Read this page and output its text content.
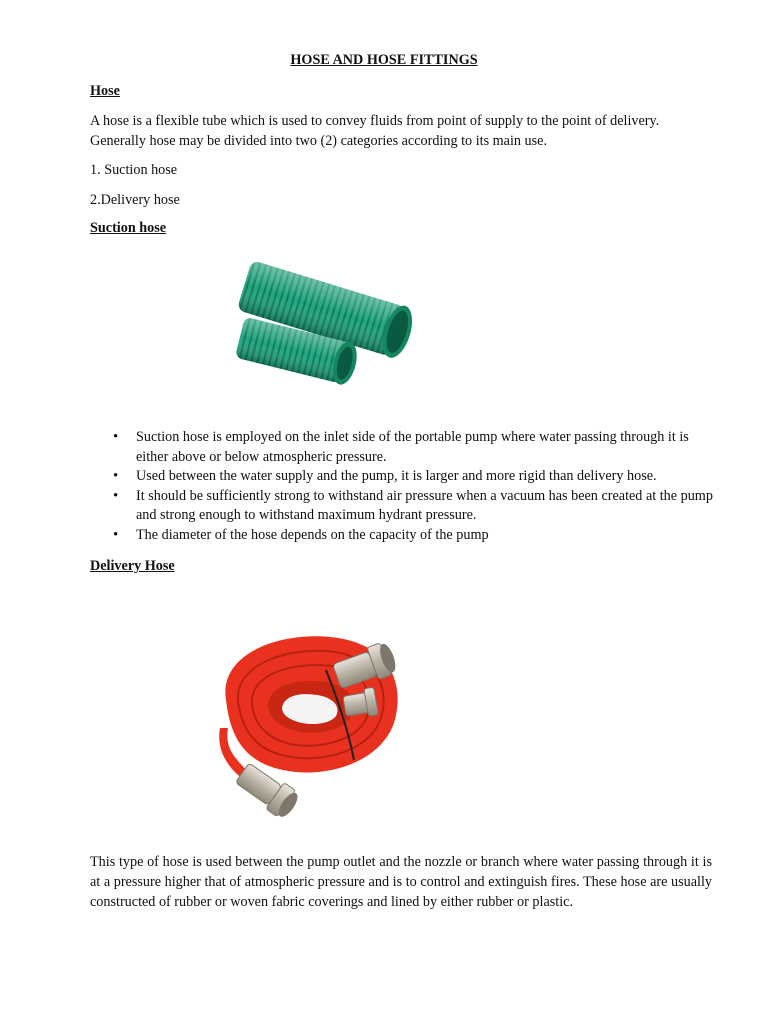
HOSE AND HOSE FITTINGS
Hose

A hose is a flexible tube which is used to convey fluids from point of supply to the point of delivery.
Generally hose may be divided into two (2) categories according to its main use.

1. Suction hose

2.Delivery hose

Suction hose
• Suction hose is employed on the inlet side of the portable pump where water passing through it is either above or below atmospheric pressure.
• Used between the water supply and the pump, it is larger and more rigid than delivery hose.
• It should be sufficiently strong to withstand air pressure when a vacuum has been created at the pump and strong enough to withstand maximum hydrant pressure.
• The diameter of the hose depends on the capacity of the pump
Delivery Hose

This type of hose is used between the pump outlet and the nozzle or branch where water passing through it is at a pressure higher that of atmospheric pressure and is to control and extinguish fires. These hose are usually constructed of rubber or woven fabric coverings and lined by either rubber or plastic.
